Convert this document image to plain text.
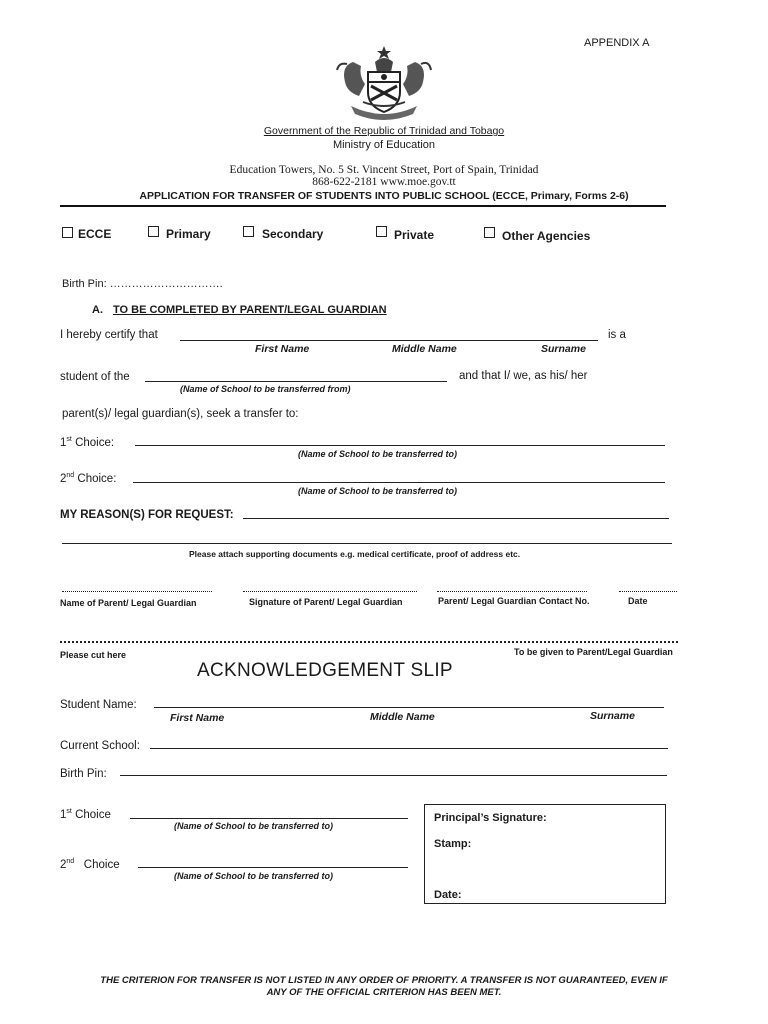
APPENDIX A
Government of the Republic of Trinidad and Tobago
Ministry of Education
Education Towers, No. 5 St. Vincent Street, Port of Spain, Trinidad
868-622-2181 www.moe.gov.tt
APPLICATION FOR TRANSFER OF STUDENTS INTO PUBLIC SCHOOL (ECCE, Primary, Forms 2-6)
ECCE	Primary	Secondary	Private	Other Agencies
Birth Pin: ………………………….
A. TO BE COMPLETED BY PARENT/LEGAL GUARDIAN
I hereby certify that	is a
First Name	Middle Name	Surname
student of the	and that I/ we, as his/ her
(Name of School to be transferred from)
parent(s)/ legal guardian(s), seek a transfer to:
1st Choice:
(Name of School to be transferred to)
2nd Choice:
(Name of School to be transferred to)
MY REASON(S) FOR REQUEST:
Please attach supporting documents e.g. medical certificate, proof of address etc.
Name of Parent/ Legal Guardian	Signature of Parent/ Legal Guardian	Parent/ Legal Guardian Contact No.	Date
Please cut here	To be given to Parent/Legal Guardian
ACKNOWLEDGEMENT SLIP
Student Name:
First Name	Middle Name	Surname
Current School:
Birth Pin:
1st Choice
(Name of School to be transferred to)
2nd Choice
(Name of School to be transferred to)
Principal’s Signature:
Stamp:
Date:
THE CRITERION FOR TRANSFER IS NOT LISTED IN ANY ORDER OF PRIORITY. A TRANSFER IS NOT GUARANTEED, EVEN IF
ANY OF THE OFFICIAL CRITERION HAS BEEN MET.
